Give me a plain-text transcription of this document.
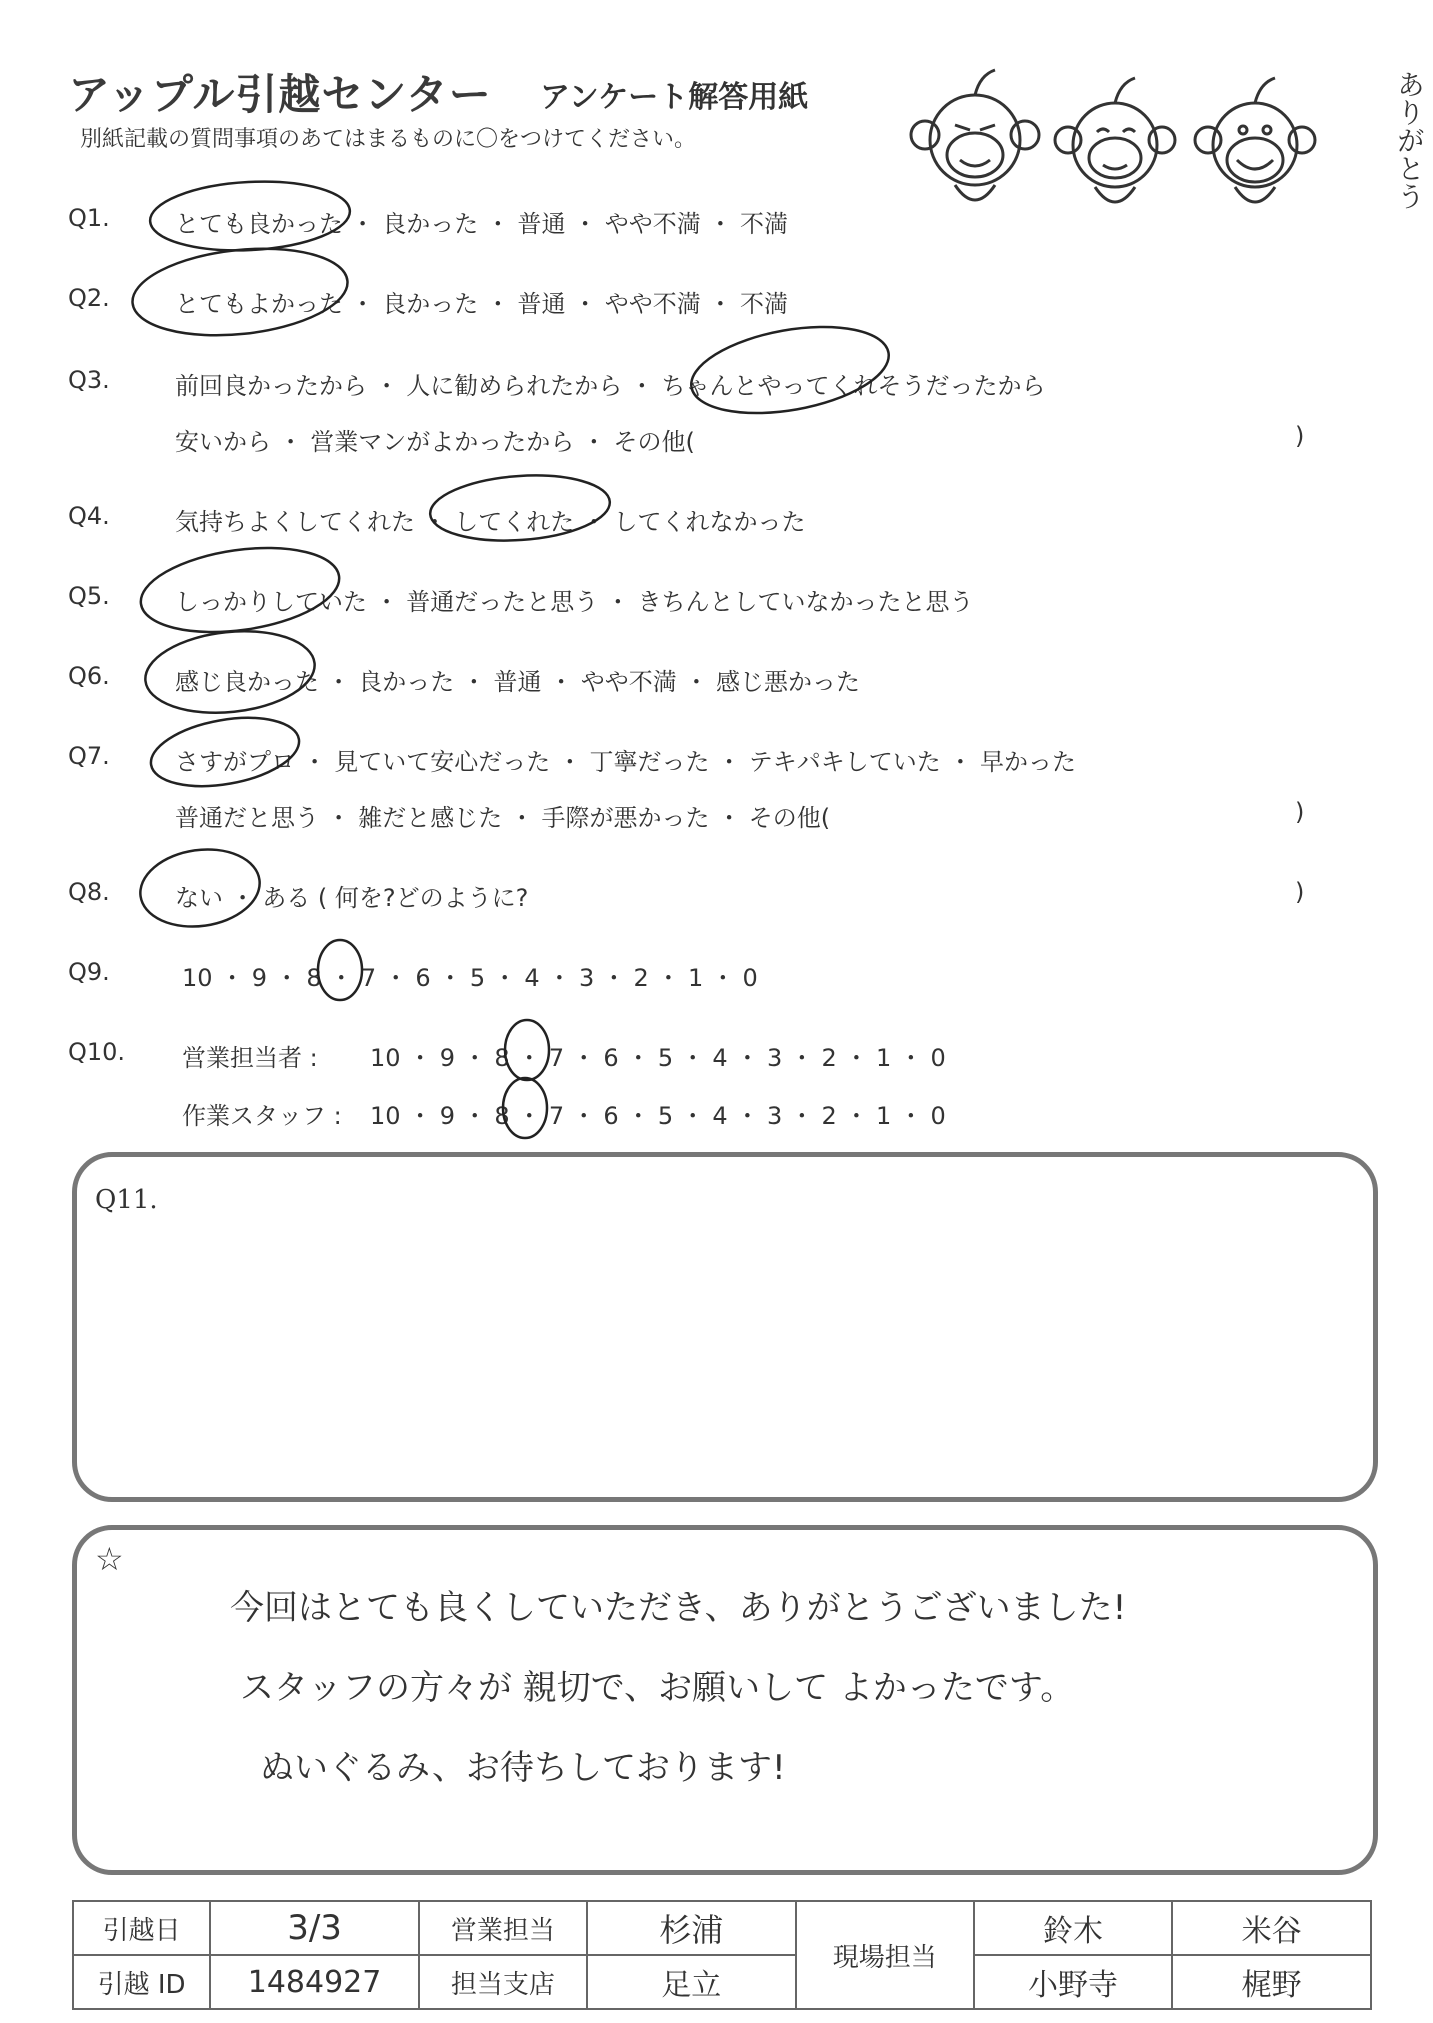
アップル引越センター アンケート解答用紙
別紙記載の質問事項のあてはまるものに〇をつけてください。	ありがとう
Q1.	とても良かった ・ 良かった ・ 普通 ・ やや不満 ・ 不満
Q2.	とてもよかった ・ 良かった ・ 普通 ・ やや不満 ・ 不満
Q3.	前回良かったから ・ 人に勧められたから ・ ちゃんとやってくれそうだったから
安いから ・ 営業マンがよかったから ・ その他(	)
Q4.	気持ちよくしてくれた ・ してくれた ・ してくれなかった
Q5.	しっかりしていた ・ 普通だったと思う ・ きちんとしていなかったと思う
Q6.	感じ良かった ・ 良かった ・ 普通 ・ やや不満 ・ 感じ悪かった
Q7.	さすがプロ ・ 見ていて安心だった ・ 丁寧だった ・ テキパキしていた ・ 早かった
普通だと思う ・ 雑だと感じた ・ 手際が悪かった ・ その他(	)
Q8.	ない ・ ある ( 何を?どのように?	)
Q9.	10 ・ 9 ・ 8 ・ 7 ・ 6 ・ 5 ・ 4 ・ 3 ・ 2 ・ 1 ・ 0
Q10. 営業担当者 : 10 ・ 9 ・ 8 ・ 7 ・ 6 ・ 5 ・ 4 ・ 3 ・ 2 ・ 1 ・ 0
作業スタッフ : 10 ・ 9 ・ 8 ・ 7 ・ 6 ・ 5 ・ 4 ・ 3 ・ 2 ・ 1 ・ 0
Q11.
☆
今回はとても良くしていただき、ありがとうございました!
スタッフの方々が 親切で、お願いして よかったです。
ぬいぐるみ、お待ちしております!
引越日	3/3	営業担当	杉浦	現場担当	鈴木	米谷
引越 ID	1484927	担当支店	足立		小野寺	梶野
